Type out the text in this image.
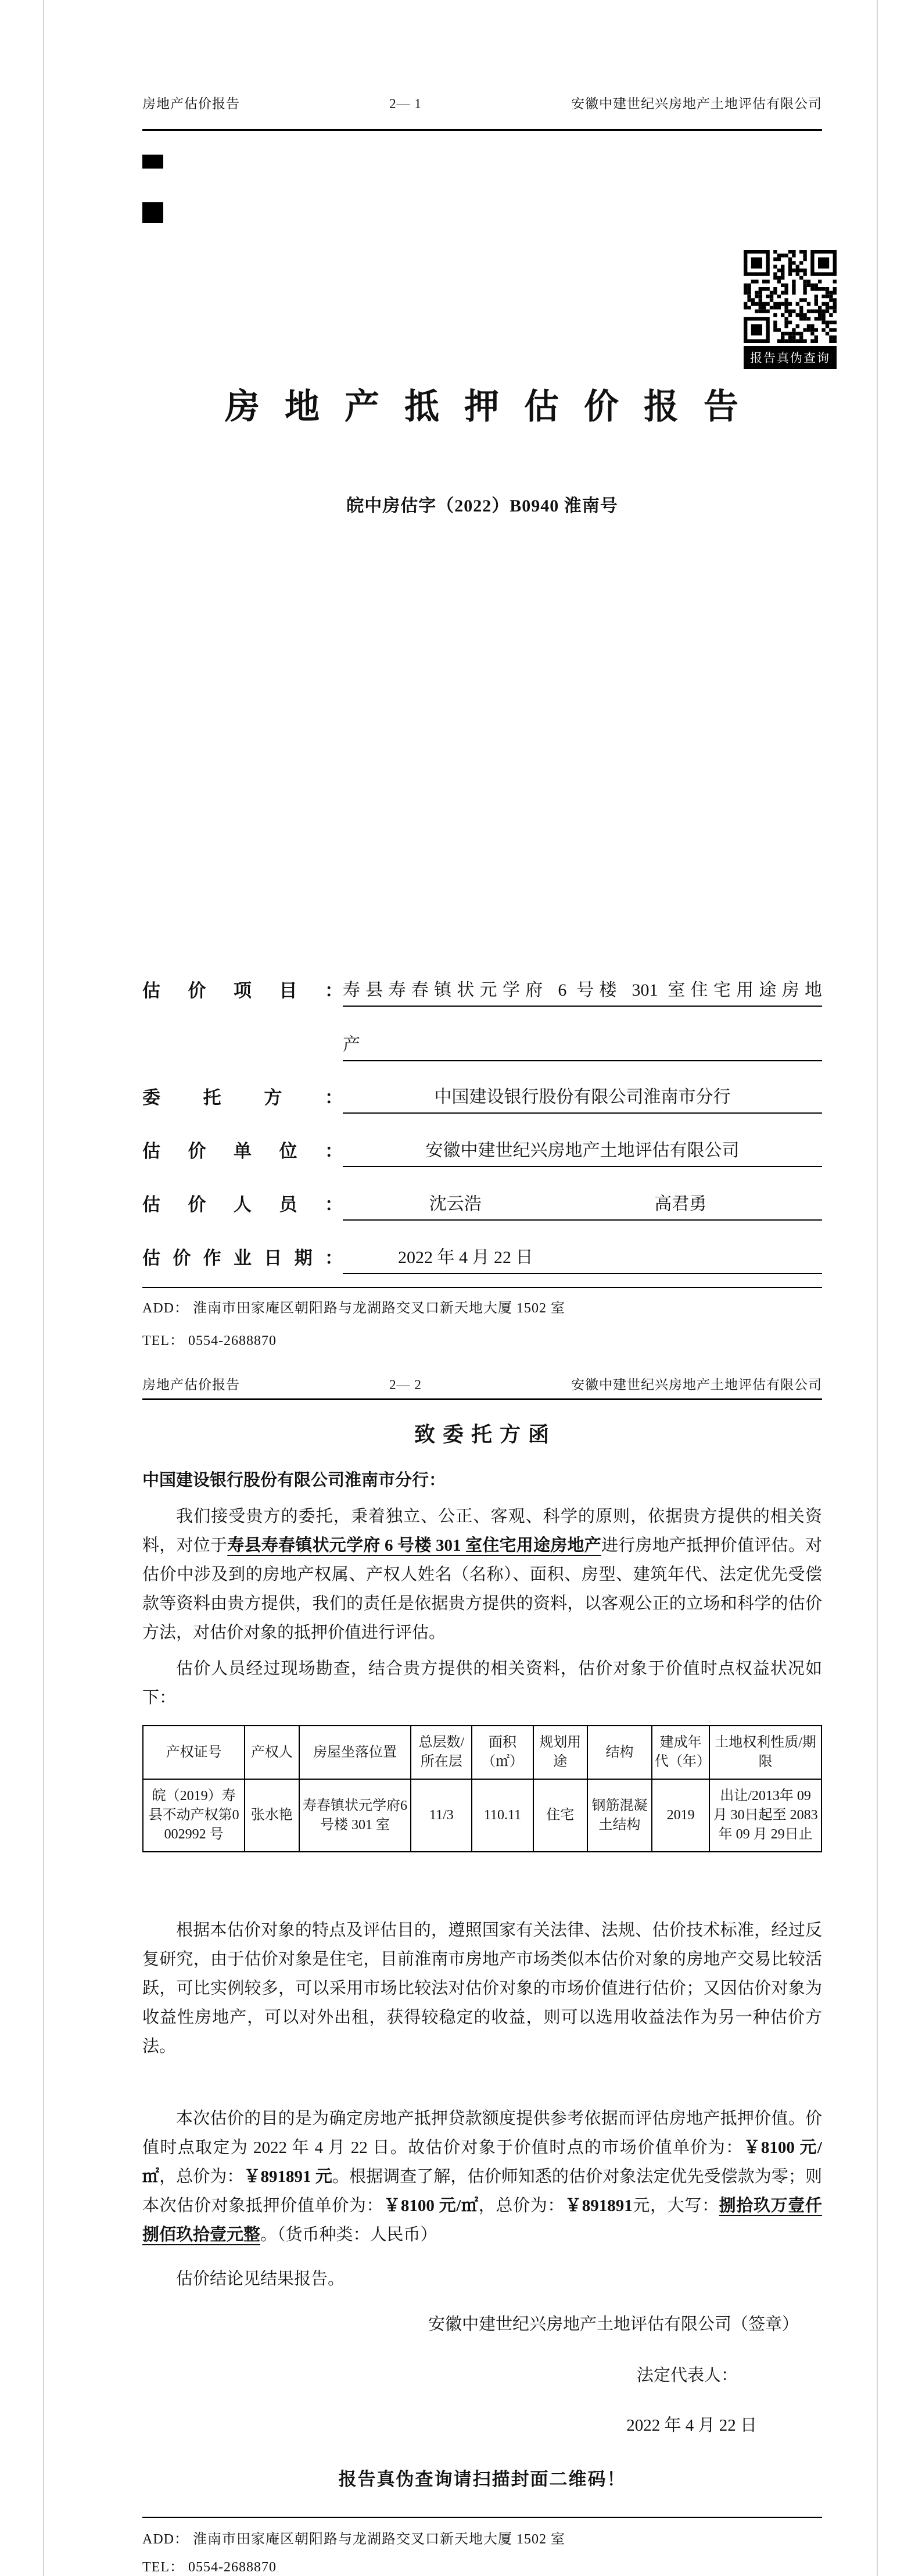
房地产估价报告	2— 1	安徽中建世纪兴房地产土地评估有限公司
报告真伪查询
房 地 产 抵 押 估 价 报 告
皖中房估字（2022）B0940 淮南号
估 价 项 目 ： 寿县寿春镇状元学府 6 号楼 301 室住宅用途房地
产
委 托 方 ：	中国建设银行股份有限公司淮南市分行
估 价 单 位 ：	安徽中建世纪兴房地产土地评估有限公司
估 价 人 员 ：	沈云浩	高君勇
估价作业日期：	2022 年 4 月 22 日
ADD： 淮南市田家庵区朝阳路与龙湖路交叉口新天地大厦 1502 室
TEL： 0554-2688870
房地产估价报告	2— 2	安徽中建世纪兴房地产土地评估有限公司
致 委 托 方 函
中国建设银行股份有限公司淮南市分行：

我们接受贵方的委托，秉着独立、公正、客观、科学的原则，依据贵方提供的相关资料，对位于寿县寿春镇状元学府 6 号楼 301 室住宅用途房地产进行房地产抵押价值评估。对估价中涉及到的房地产权属、产权人姓名（名称）、面积、房型、建筑年代、法定优先受偿款等资料由贵方提供，我们的责任是依据贵方提供的资料，以客观公正的立场和科学的估价方法，对估价对象的抵押价值进行评估。

估价人员经过现场勘查，结合贵方提供的相关资料，估价对象于价值时点权益状况如下：

产权证号	产权人	房屋坐落位置	总层数/所在层	面积（㎡）	规划用途	结构	建成年代（年）	土地权利性质/期限
皖（2019）寿县不动产权第0002992 号	张水艳	寿春镇状元学府6 号楼 301 室	11/3	110.11	住宅	钢筋混凝土结构	2019	出让/2013年 09 月 30日起至 2083年 09 月 29日止

根据本估价对象的特点及评估目的，遵照国家有关法律、法规、估价技术标准，经过反复研究，由于估价对象是住宅，目前淮南市房地产市场类似本估价对象的房地产交易比较活跃，可比实例较多，可以采用市场比较法对估价对象的市场价值进行估价；又因估价对象为收益性房地产，可以对外出租，获得较稳定的收益，则可以选用收益法作为另一种估价方法。

本次估价的目的是为确定房地产抵押贷款额度提供参考依据而评估房地产抵押价值。价值时点取定为 2022 年 4 月 22 日。故估价对象于价值时点的市场价值单价为：￥8100 元/㎡，总价为：￥891891 元。根据调查了解，估价师知悉的估价对象法定优先受偿款为零；则本次估价对象抵押价值单价为：￥8100 元/㎡，总价为：￥891891元，大写：捌拾玖万壹仟捌佰玖拾壹元整。（货币种类：人民币）

估价结论见结果报告。

安徽中建世纪兴房地产土地评估有限公司（签章）
法定代表人：
2022 年 4 月 22 日
报告真伪查询请扫描封面二维码！
ADD： 淮南市田家庵区朝阳路与龙湖路交叉口新天地大厦 1502 室
TEL： 0554-2688870
